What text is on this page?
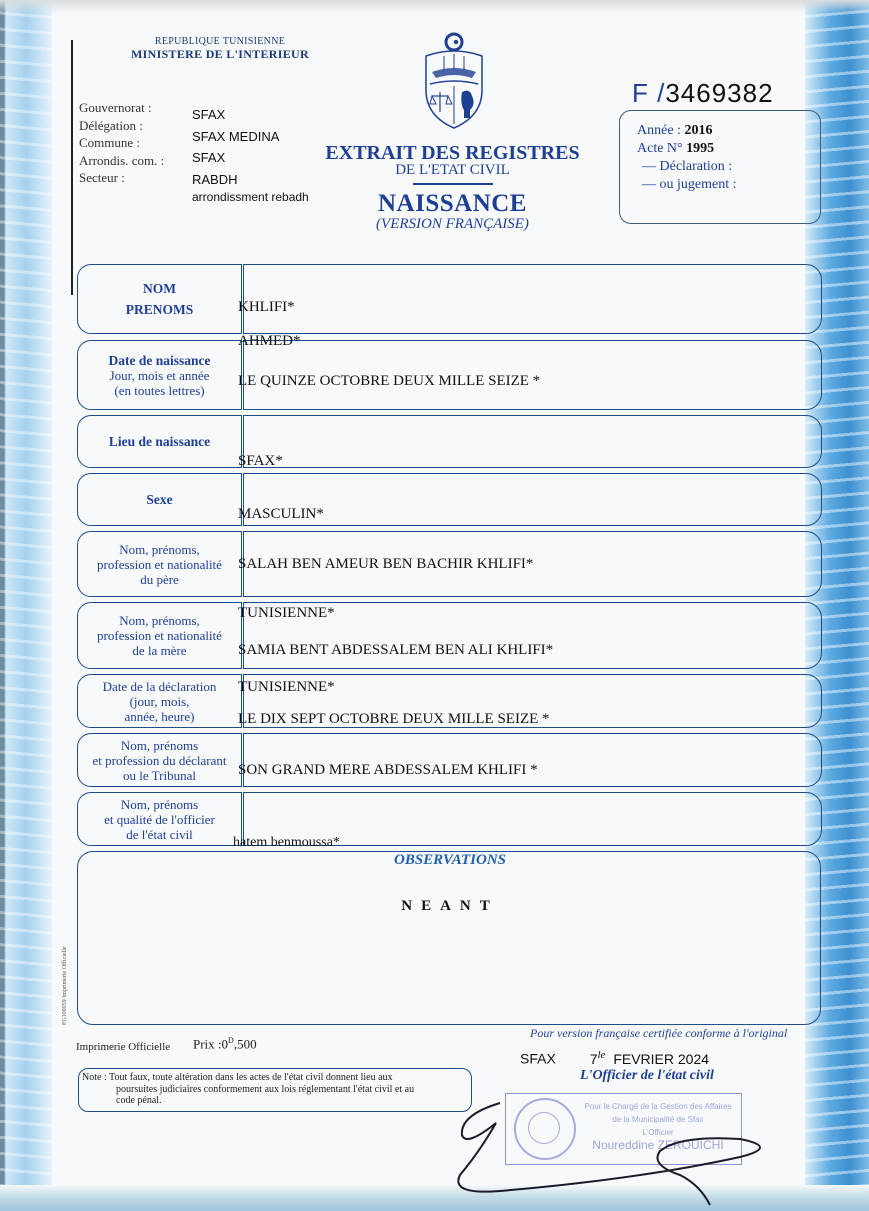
REPUBLIQUE TUNISIENNE
MINISTERE DE L'INTERIEUR
Gouvernorat :
Délégation :
Commune :
Arrondis. com. :
Secteur :
SFAX
SFAX MEDINA
SFAX
RABDH
arrondissment rebadh
EXTRAIT DES REGISTRES
DE L'ETAT CIVIL
NAISSANCE
(VERSION FRANÇAISE)
F /3469382
Année : 2016
Acte N° 1995
— Déclaration :
— ou jugement :
NOM
PRENOMS
Date de naissance
Jour, mois et année
(en toutes lettres)
Lieu de naissance
Sexe
Nom, prénoms,
profession et nationalité
du père
Nom, prénoms,
profession et nationalité
de la mère
Date de la déclaration
(jour, mois,
année, heure)
Nom, prénoms
et profession du déclarant
ou le Tribunal
Nom, prénoms
et qualité de l'officier
de l'état civil
KHLIFI*
AHMED*
LE QUINZE OCTOBRE DEUX MILLE SEIZE *
SFAX*
MASCULIN*
SALAH BEN AMEUR BEN BACHIR KHLIFI*
TUNISIENNE*
SAMIA BENT ABDESSALEM BEN ALI KHLIFI*
TUNISIENNE*
LE DIX SEPT OCTOBRE DEUX MILLE SEIZE *
SON GRAND MERE ABDESSALEM KHLIFI *
hatem benmoussa*
OBSERVATIONS
NEANT
FG100059 Imprimerie Officielle
Imprimerie Officielle Prix $:0^D,500$
Note : Tout faux, toute altération dans les actes de l'état civil donnent lieu aux
poursuites judiciaires conformement aux lois réglementant l'état civil et au
code pénal.
Pour version française certifiée conforme à l'original
SFAX $7^{le}$ FEVRIER 2024
L'Officier de l'état civil
Pour le Chargé de la Gestion des Affaires
de la Municipalité de Sfax
L'Officier
Noureddine ZEROUICHI
